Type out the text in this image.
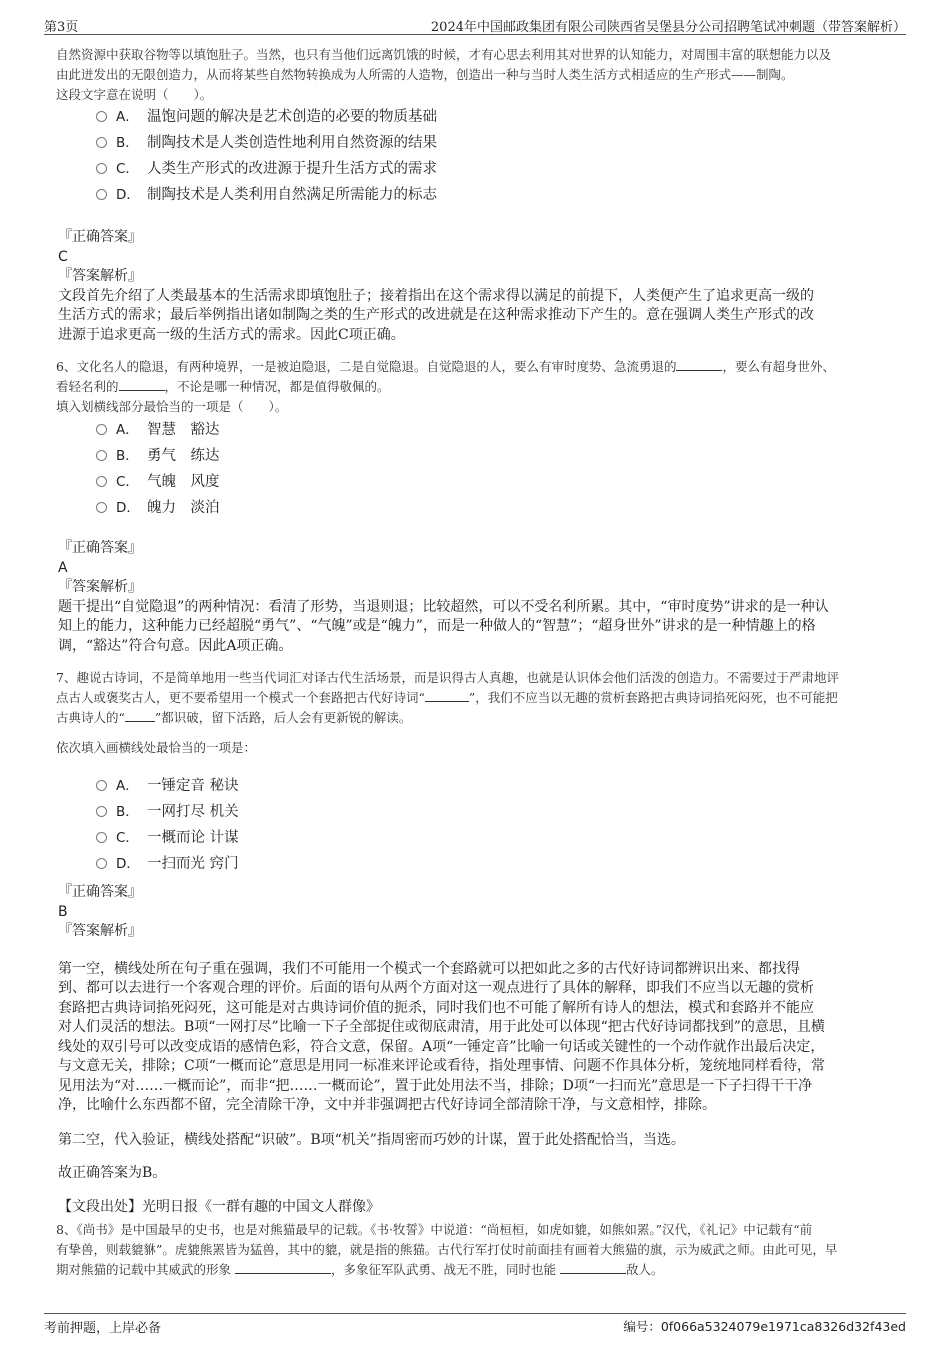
第3页	2024年中国邮政集团有限公司陕西省吴堡县分公司招聘笔试冲刺题（带答案解析）

自然资源中获取谷物等以填饱肚子。当然，也只有当他们远离饥饿的时候，才有心思去利用其对世界的认知能力，对周围丰富的联想能力以及

由此迸发出的无限创造力，从而将某些自然物转换成为人所需的人造物，创造出一种与当时人类生活方式相适应的生产形式——制陶。

这段文字意在说明（　　）。

A． 温饱问题的解决是艺术创造的必要的物质基础
B． 制陶技术是人类创造性地利用自然资源的结果
C． 人类生产形式的改进源于提升生活方式的需求
D． 制陶技术是人类利用自然满足所需能力的标志

『正确答案』

C

『答案解析』

文段首先介绍了人类最基本的生活需求即填饱肚子；接着指出在这个需求得以满足的前提下，人类便产生了追求更高一级的

生活方式的需求；最后举例指出诸如制陶之类的生产形式的改进就是在这种需求推动下产生的。意在强调人类生产形式的改

进源于追求更高一级的生活方式的需求。因此C项正确。

6、文化名人的隐退，有两种境界，一是被迫隐退，二是自觉隐退。自觉隐退的人，要么有审时度势、急流勇退的	，要么有超身世外、

看轻名利的	，不论是哪一种情况，都是值得敬佩的。

填入划横线部分最恰当的一项是（　　）。

A． 智慧　豁达
B． 勇气　练达
C． 气魄　风度
D． 魄力　淡泊

『正确答案』

A

『答案解析』

题干提出“自觉隐退”的两种情况：看清了形势，当退则退；比较超然，可以不受名利所累。其中，“审时度势”讲求的是一种认

知上的能力，这种能力已经超脱“勇气”、“气魄”或是“魄力”，而是一种做人的“智慧”；“超身世外”讲求的是一种情趣上的格

调，“豁达”符合句意。因此A项正确。

7、趣说古诗词，不是简单地用一些当代词汇对译古代生活场景，而是识得古人真趣，也就是认识体会他们活泼的创造力。不需要过于严肃地评

点古人或褒奖古人，更不要希望用一个模式一个套路把古代好诗词“	”，我们不应当以无趣的赏析套路把古典诗词掐死闷死，也不可能把

古典诗人的“ ”都识破，留下活路，后人会有更新锐的解读。

依次填入画横线处最恰当的一项是：

A． 一锤定音 秘诀
B． 一网打尽 机关
C． 一概而论 计谋
D． 一扫而光 窍门

『正确答案』

B

『答案解析』

第一空，横线处所在句子重在强调，我们不可能用一个模式一个套路就可以把如此之多的古代好诗词都辨识出来、都找得

到、都可以去进行一个客观合理的评价。后面的语句从两个方面对这一观点进行了具体的解释，即我们不应当以无趣的赏析

套路把古典诗词掐死闷死，这可能是对古典诗词价值的扼杀，同时我们也不可能了解所有诗人的想法，模式和套路并不能应

对人们灵活的想法。B项“一网打尽”比喻一下子全部捉住或彻底肃清，用于此处可以体现“把古代好诗词都找到”的意思，且横

线处的双引号可以改变成语的感情色彩，符合文意，保留。A项“一锤定音”比喻一句话或关键性的一个动作就作出最后决定，

与文意无关，排除；C项“一概而论”意思是用同一标准来评论或看待，指处理事情、问题不作具体分析，笼统地同样看待，常

见用法为“对……一概而论”，而非“把……一概而论”，置于此处用法不当，排除；D项“一扫而光”意思是一下子扫得干干净

净，比喻什么东西都不留，完全清除干净，文中并非强调把古代好诗词全部清除干净，与文意相悖，排除。

第二空，代入验证，横线处搭配“识破”。B项“机关”指周密而巧妙的计谋，置于此处搭配恰当，当选。

故正确答案为B。

【文段出处】光明日报《一群有趣的中国文人群像》

8、《尚书》是中国最早的史书，也是对熊猫最早的记载。《书·牧誓》中说道：“尚桓桓，如虎如貔，如熊如罴。”汉代，《礼记》中记载有“前

有挚兽，则载貔貅”。虎貔熊罴皆为猛兽，其中的貔，就是指的熊猫。古代行军打仗时前面挂有画着大熊猫的旗，示为威武之师。由此可见，早

期对熊猫的记载中其威武的形象	，多象征军队武勇、战无不胜，同时也能	敌人。

考前押题，上岸必备	编号：0f066a5324079e1971ca8326d32f43ed
